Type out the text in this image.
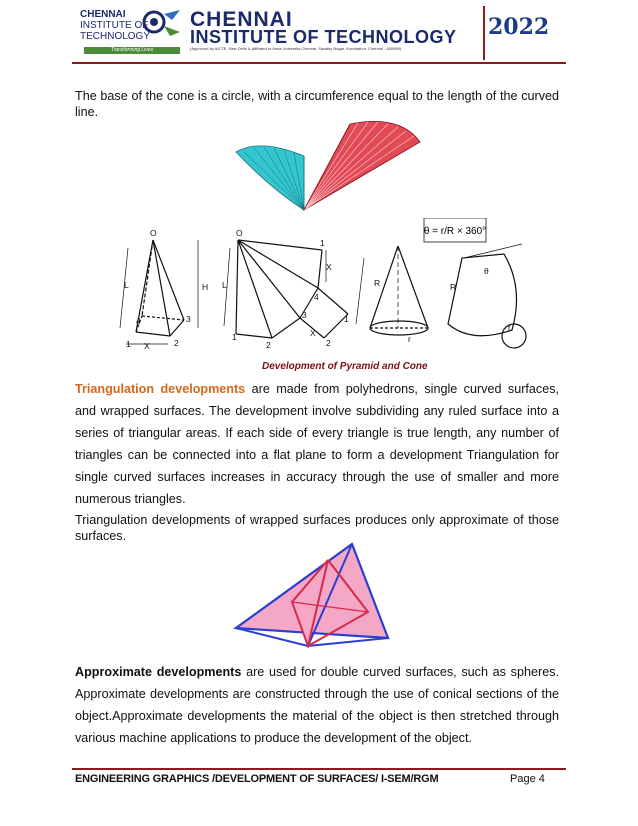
CHENNAI
INSTITUTE OF
TECHNOLOGY
Transforming Lives
CHENNAI
INSTITUTE OF TECHNOLOGY
(Approved by AICTE, New Delhi & Affiliated to Anna University Chennai, Sarathy Nagar, Kundrathur, Chennai - 600069)
2022
The base of the cone is a circle, with a circumference equal to the length of the curved line.
θ = r/R × 360°
O
L	H
4	3
1	2
X
O
L
1
X
4
3
1
2
1
2
X
R
r
R
θ
r
Development of Pyramid and Cone
Triangulation developments are made from polyhedrons, single curved surfaces, and wrapped surfaces. The development involve subdividing any ruled surface into a series of triangular areas. If each side of every triangle is true length, any number of triangles can be connected into a flat plane to form a development Triangulation for single curved surfaces increases in accuracy through the use of smaller and more numerous triangles.
Triangulation developments of wrapped surfaces produces only approximate of those surfaces.
Approximate developments are used for double curved surfaces, such as spheres. Approximate developments are constructed through the use of conical sections of the object.Approximate developments the material of the object is then stretched through various machine applications to produce the development of the object.
ENGINEERING GRAPHICS /DEVELOPMENT OF SURFACES/ I-SEM/RGM	Page 4
